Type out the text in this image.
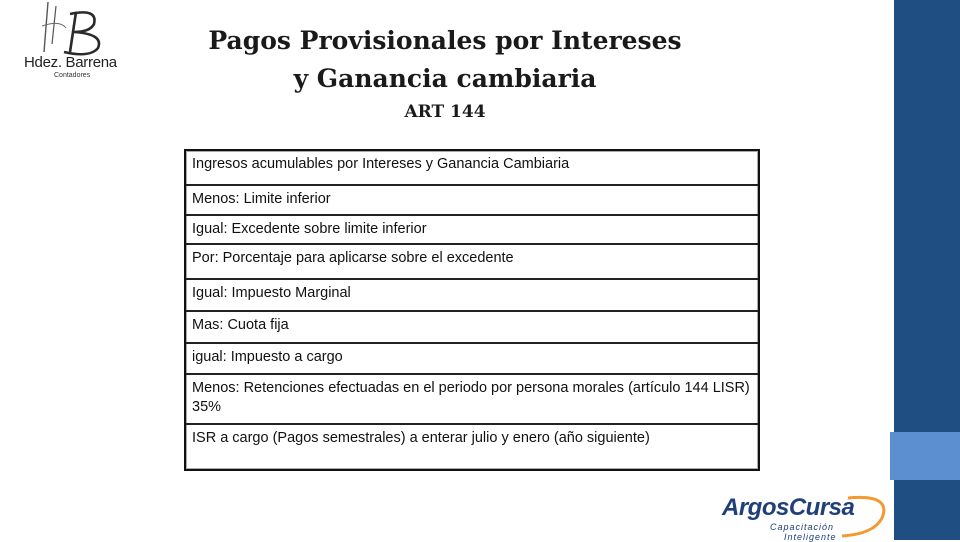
Hdez. Barrena
Contadores
Pagos Provisionales por Intereses
y Ganancia cambiaria
ART 144
Ingresos acumulables por Intereses y Ganancia Cambiaria
Menos: Limite inferior
Igual: Excedente sobre limite inferior
Por: Porcentaje para aplicarse sobre el excedente
Igual: Impuesto Marginal
Mas: Cuota fija
igual: Impuesto a cargo
Menos: Retenciones efectuadas en el periodo por persona morales (artículo 144 LISR) 35%
ISR a cargo (Pagos semestrales) a enterar julio y enero (año siguiente)
ArgosCursa
Capacitación
Inteligente
